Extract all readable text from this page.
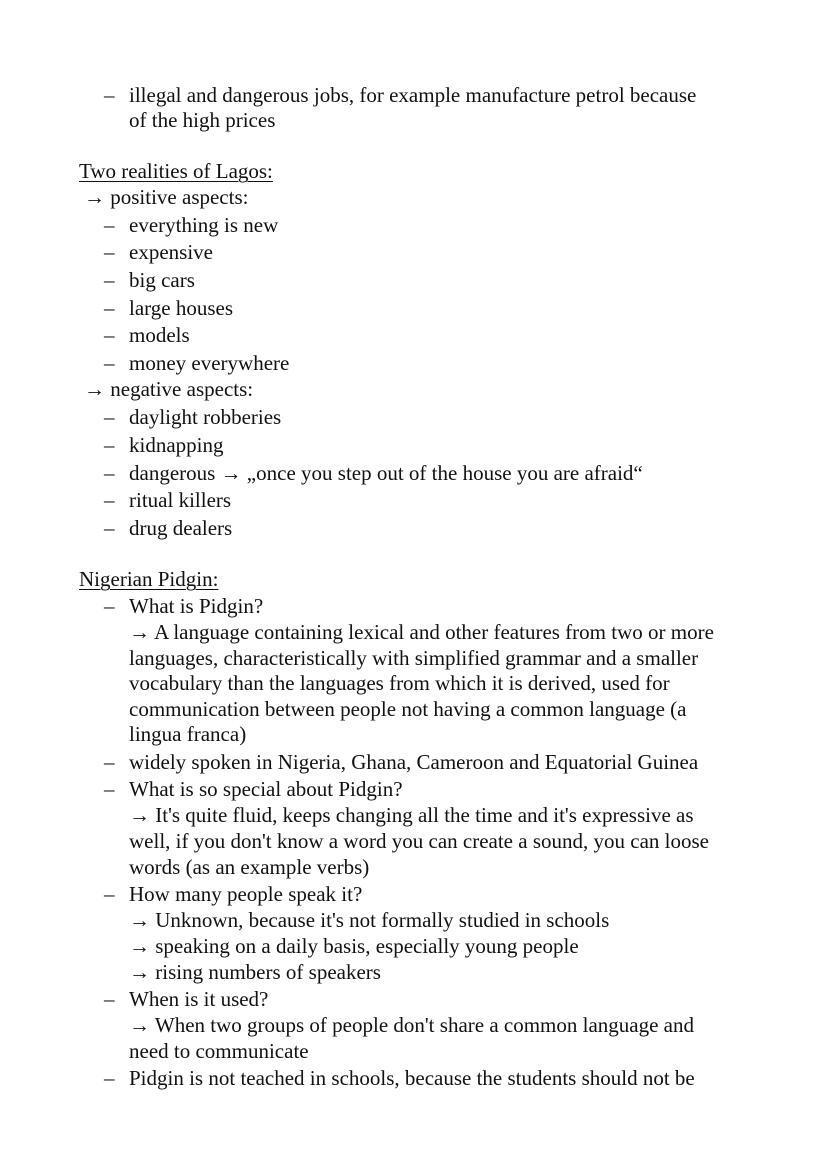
– illegal and dangerous jobs, for example manufacture petrol because
of the high prices
Two realities of Lagos:
→ positive aspects:
– everything is new
– expensive
– big cars
– large houses
– models
– money everywhere
→ negative aspects:
– daylight robberies
– kidnapping
– dangerous → „once you step out of the house you are afraid“
– ritual killers
– drug dealers
Nigerian Pidgin:
– What is Pidgin?
→ A language containing lexical and other features from two or more
languages, characteristically with simplified grammar and a smaller
vocabulary than the languages from which it is derived, used for
communication between people not having a common language (a
lingua franca)
– widely spoken in Nigeria, Ghana, Cameroon and Equatorial Guinea
– What is so special about Pidgin?
→ It's quite fluid, keeps changing all the time and it's expressive as
well, if you don't know a word you can create a sound, you can loose
words (as an example verbs)
– How many people speak it?
→ Unknown, because it's not formally studied in schools
→ speaking on a daily basis, especially young people
→ rising numbers of speakers
– When is it used?
→ When two groups of people don't share a common language and
need to communicate
– Pidgin is not teached in schools, because the students should not be
